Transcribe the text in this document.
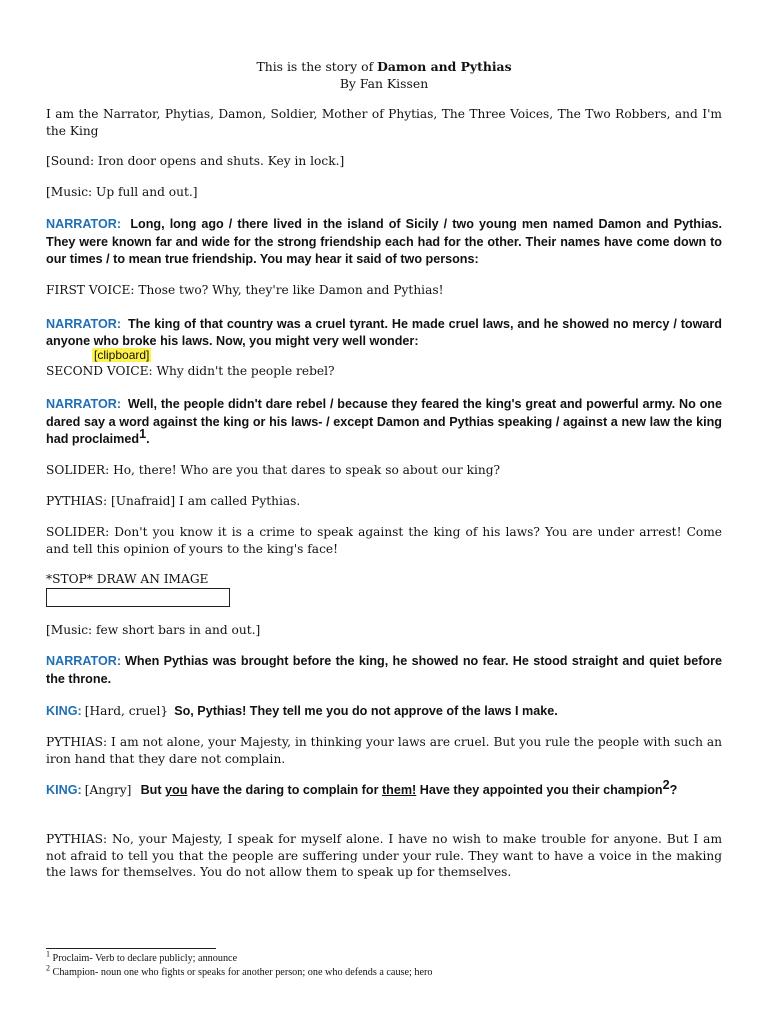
This is the story of Damon and Pythias
By Fan Kissen

I am the Narrator, Phytias, Damon, Soldier, Mother of Phytias, The Three Voices, The Two Robbers, and I'm the King

[Sound: Iron door opens and shuts. Key in lock.]

[Music: Up full and out.]

NARRATOR: Long, long ago / there lived in the island of Sicily / two young men named Damon and Pythias. They were known far and wide for the strong friendship each had for the other. Their names have come down to our times / to mean true friendship. You may hear it said of two persons:

FIRST VOICE: Those two? Why, they're like Damon and Pythias!

NARRATOR: The king of that country was a cruel tyrant. He made cruel laws, and he showed no mercy / toward anyone who broke his laws. Now, you might very well wonder:

[clipboard]

SECOND VOICE: Why didn't the people rebel?

NARRATOR: Well, the people didn't dare rebel / because they feared the king's great and powerful army. No one dared say a word against the king or his laws- / except Damon and Pythias speaking / against a new law the king had proclaimed$^1$.

SOLIDER: Ho, there! Who are you that dares to speak so about our king?

PYTHIAS: [Unafraid] I am called Pythias.

SOLIDER: Don't you know it is a crime to speak against the king of his laws? You are under arrest! Come and tell this opinion of yours to the king's face!

*STOP* DRAW AN IMAGE

[Music: few short bars in and out.]

NARRATOR: When Pythias was brought before the king, he showed no fear. He stood straight and quiet before the throne.

KING: [Hard, cruel} So, Pythias! They tell me you do not approve of the laws I make.

PYTHIAS: I am not alone, your Majesty, in thinking your laws are cruel. But you rule the people with such an iron hand that they dare not complain.

KING: [Angry] But you have the daring to complain for them! Have they appointed you their champion$^2$?

PYTHIAS: No, your Majesty, I speak for myself alone. I have no wish to make trouble for anyone. But I am not afraid to tell you that the people are suffering under your rule. They want to have a voice in the making the laws for themselves. You do not allow them to speak up for themselves.

$^1$ Proclaim- Verb to declare publicly; announce
$^2$ Champion- noun one who fights or speaks for another person; one who defends a cause; hero
